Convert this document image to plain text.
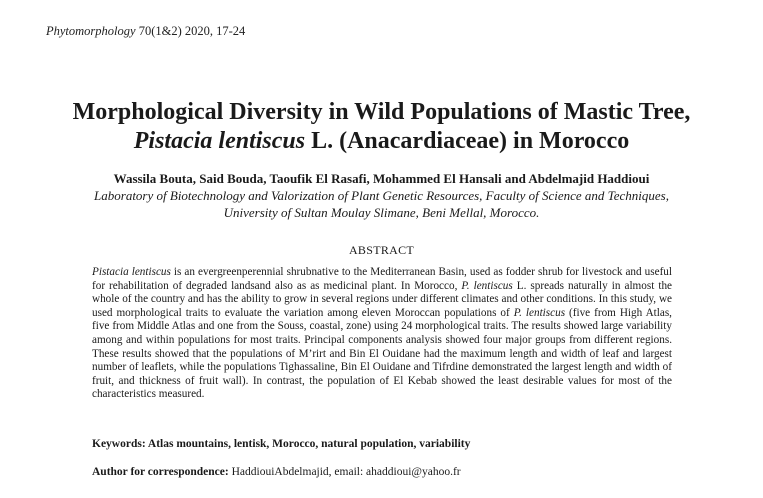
Phytomorphology 70(1&2) 2020, 17-24
Morphological Diversity in Wild Populations of Mastic Tree,
Pistacia lentiscus L. (Anacardiaceae) in Morocco
Wassila Bouta, Said Bouda, Taoufik El Rasafi, Mohammed El Hansali and Abdelmajid Haddioui
Laboratory of Biotechnology and Valorization of Plant Genetic Resources, Faculty of Science and Techniques,
University of Sultan Moulay Slimane, Beni Mellal, Morocco.
ABSTRACT
Pistacia lentiscus is an evergreenperennial shrubnative to the Mediterranean Basin, used as fodder shrub for livestock and useful for rehabilitation of degraded landsand also as as medicinal plant. In Morocco, P. lentiscus L. spreads naturally in almost the whole of the country and has the ability to grow in several regions under different climates and other conditions. In this study, we used morphological traits to evaluate the variation among eleven Moroccan populations of P. lentiscus (five from High Atlas, five from Middle Atlas and one from the Souss, coastal, zone) using 24 morphological traits. The results showed large variability among and within populations for most traits. Principal components analysis showed four major groups from different regions. These results showed that the populations of M’rirt and Bin El Ouidane had the maximum length and width of leaf and largest number of leaflets, while the populations Tighassaline, Bin El Ouidane and Tifrdine demonstrated the largest length and width of fruit, and thickness of fruit wall). In contrast, the population of El Kebab showed the least desirable values for most of the characteristics measured.
Keywords: Atlas mountains, lentisk, Morocco, natural population, variability
Author for correspondence: HaddiouiAbdelmajid, email: ahaddioui@yahoo.fr
